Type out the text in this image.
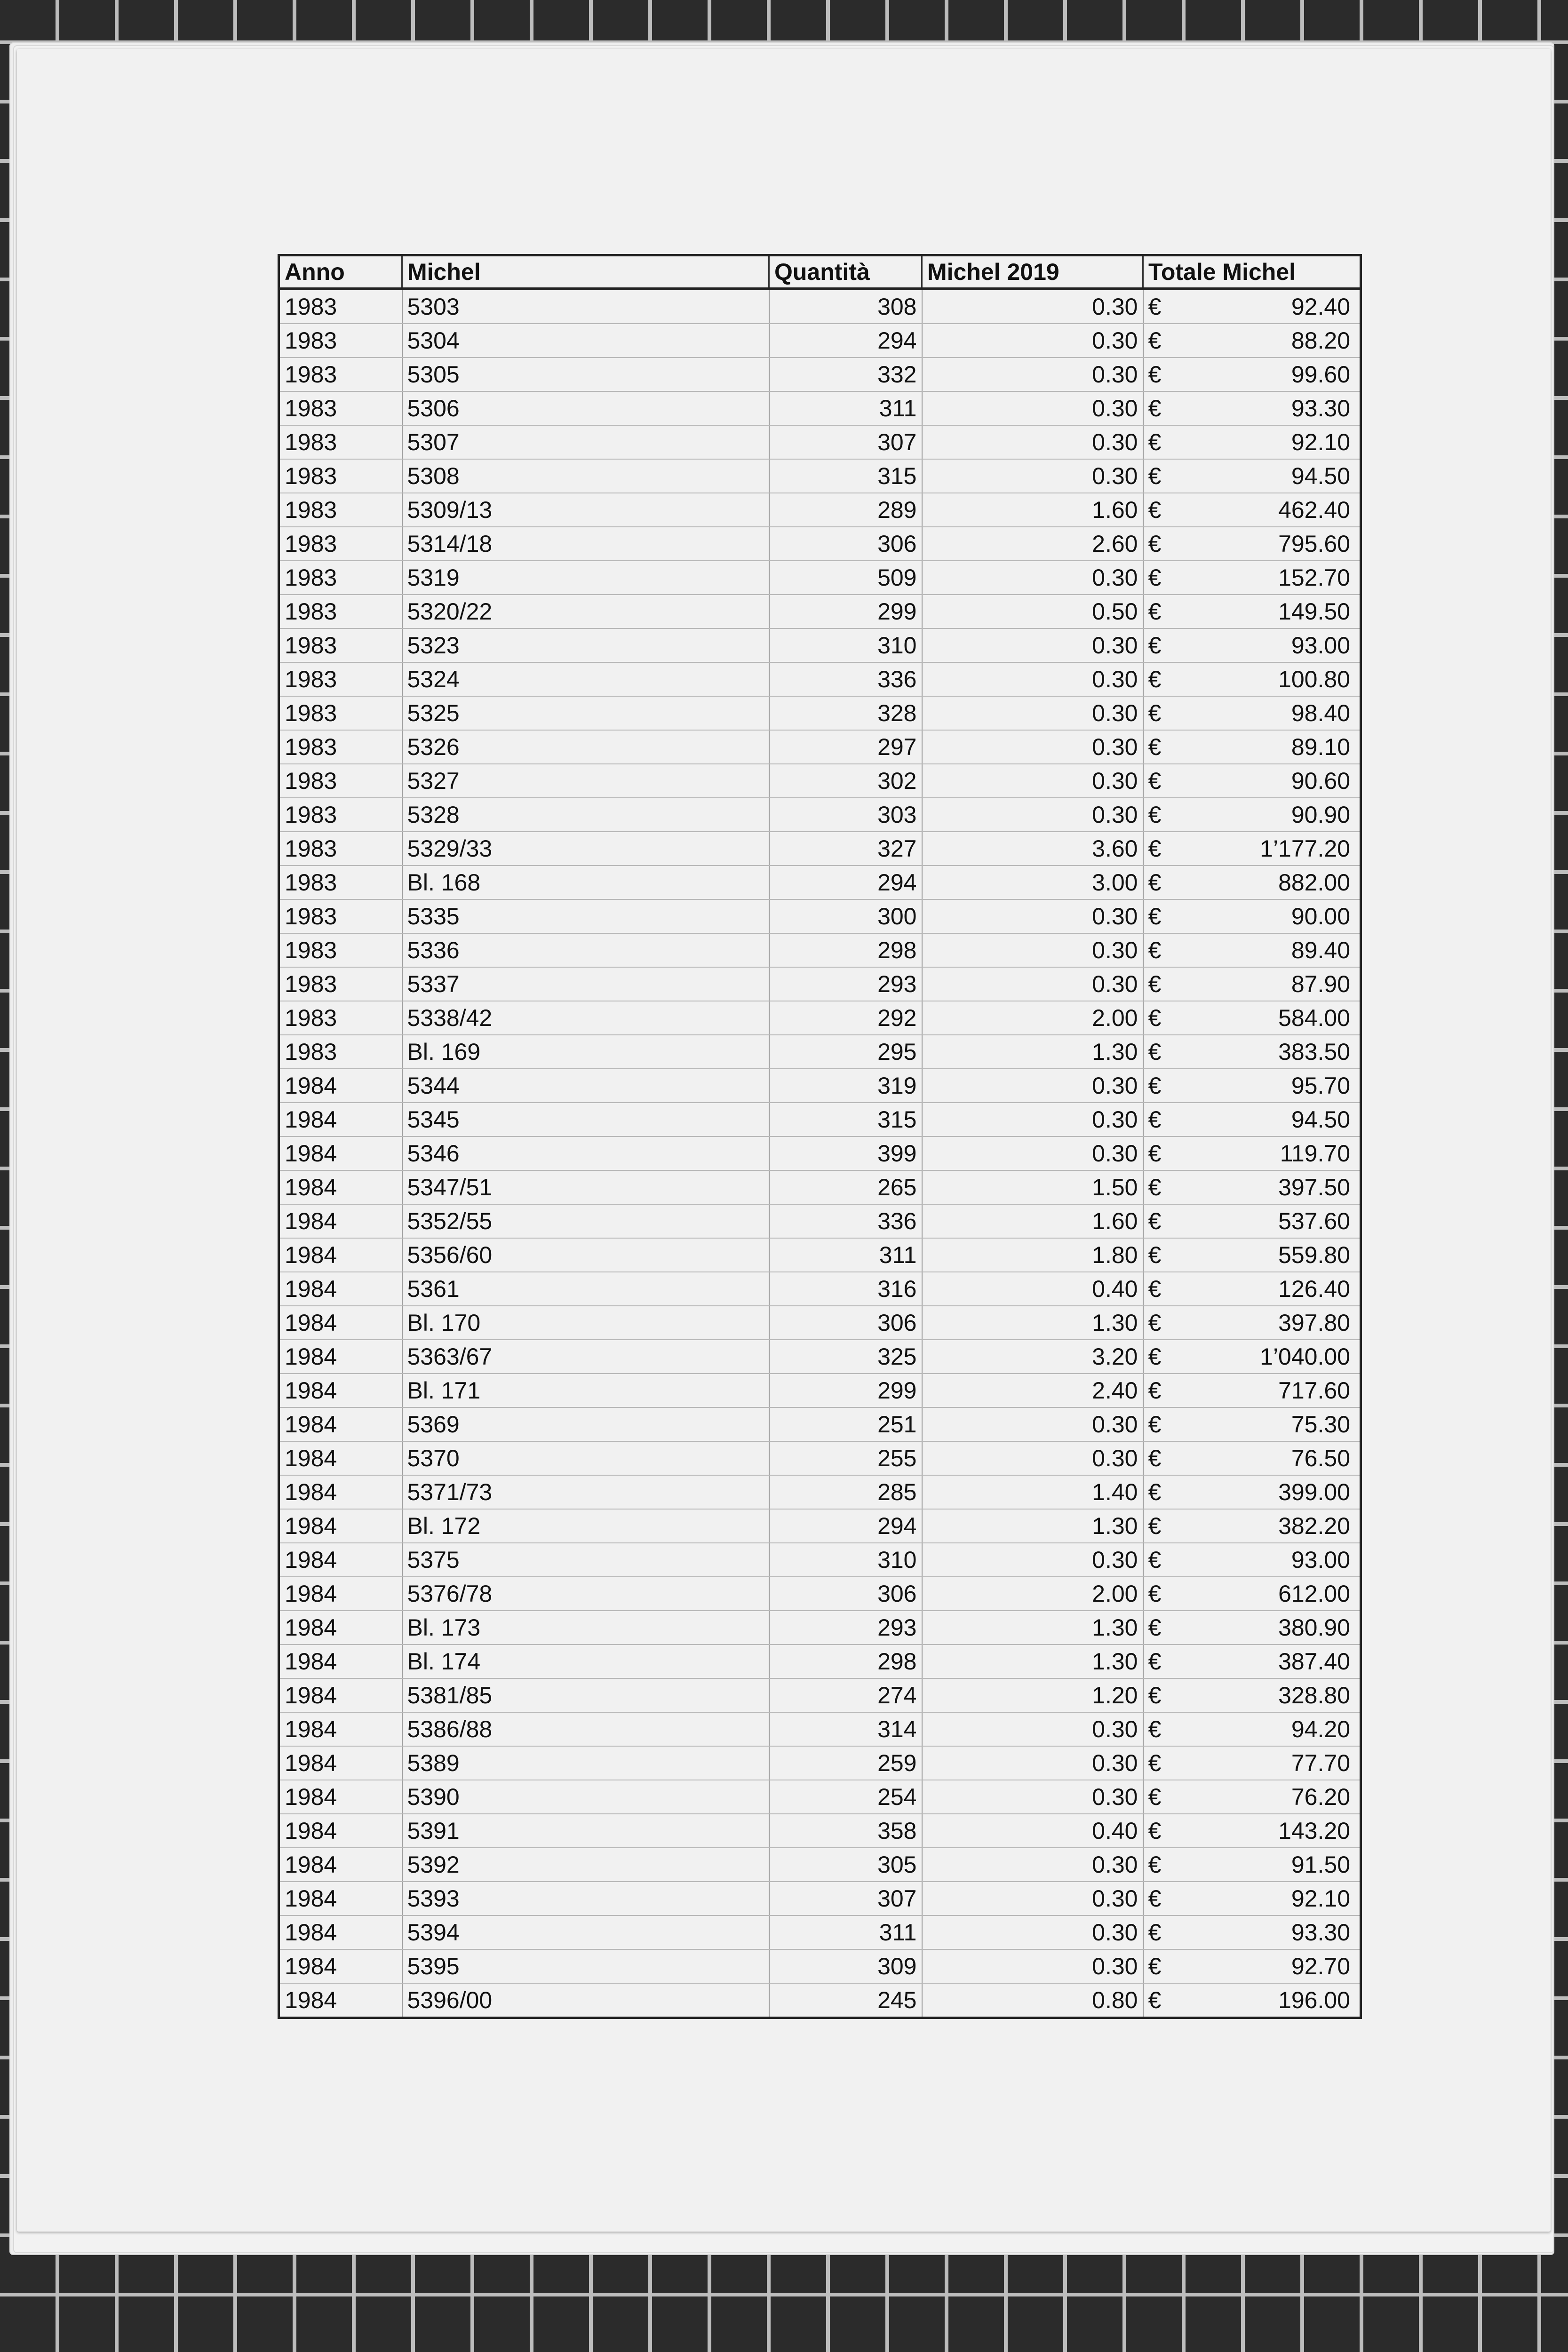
Anno	Michel	Quantità	Michel 2019	Totale Michel
1983	5303	308	0.30	€ 92.40

1983	5304	294	0.30	€ 88.20

1983	5305	332	0.30	€ 99.60

1983	5306	311	0.30	€ 93.30

1983	5307	307	0.30	€ 92.10

1983	5308	315	0.30	€ 94.50

1983	5309/13	289	1.60	€ 462.40

1983	5314/18	306	2.60	€ 795.60

1983	5319	509	0.30	€ 152.70

1983	5320/22	299	0.50	€ 149.50

1983	5323	310	0.30	€ 93.00

1983	5324	336	0.30	€ 100.80

1983	5325	328	0.30	€ 98.40

1983	5326	297	0.30	€ 89.10

1983	5327	302	0.30	€ 90.60

1983	5328	303	0.30	€ 90.90

1983	5329/33	327	3.60	€ 1’177.20

1983	Bl. 168	294	3.00	€ 882.00

1983	5335	300	0.30	€ 90.00

1983	5336	298	0.30	€ 89.40

1983	5337	293	0.30	€ 87.90

1983	5338/42	292	2.00	€ 584.00

1983	Bl. 169	295	1.30	€ 383.50

1984	5344	319	0.30	€ 95.70

1984	5345	315	0.30	€ 94.50

1984	5346	399	0.30	€ 119.70

1984	5347/51	265	1.50	€ 397.50

1984	5352/55	336	1.60	€ 537.60

1984	5356/60	311	1.80	€ 559.80

1984	5361	316	0.40	€ 126.40

1984	Bl. 170	306	1.30	€ 397.80

1984	5363/67	325	3.20	€ 1’040.00

1984	Bl. 171	299	2.40	€ 717.60

1984	5369	251	0.30	€ 75.30

1984	5370	255	0.30	€ 76.50

1984	5371/73	285	1.40	€ 399.00

1984	Bl. 172	294	1.30	€ 382.20

1984	5375	310	0.30	€ 93.00

1984	5376/78	306	2.00	€ 612.00

1984	Bl. 173	293	1.30	€ 380.90

1984	Bl. 174	298	1.30	€ 387.40

1984	5381/85	274	1.20	€ 328.80

1984	5386/88	314	0.30	€ 94.20

1984	5389	259	0.30	€ 77.70

1984	5390	254	0.30	€ 76.20

1984	5391	358	0.40	€ 143.20

1984	5392	305	0.30	€ 91.50

1984	5393	307	0.30	€ 92.10

1984	5394	311	0.30	€ 93.30

1984	5395	309	0.30	€ 92.70

1984	5396/00	245	0.80	€ 196.00
